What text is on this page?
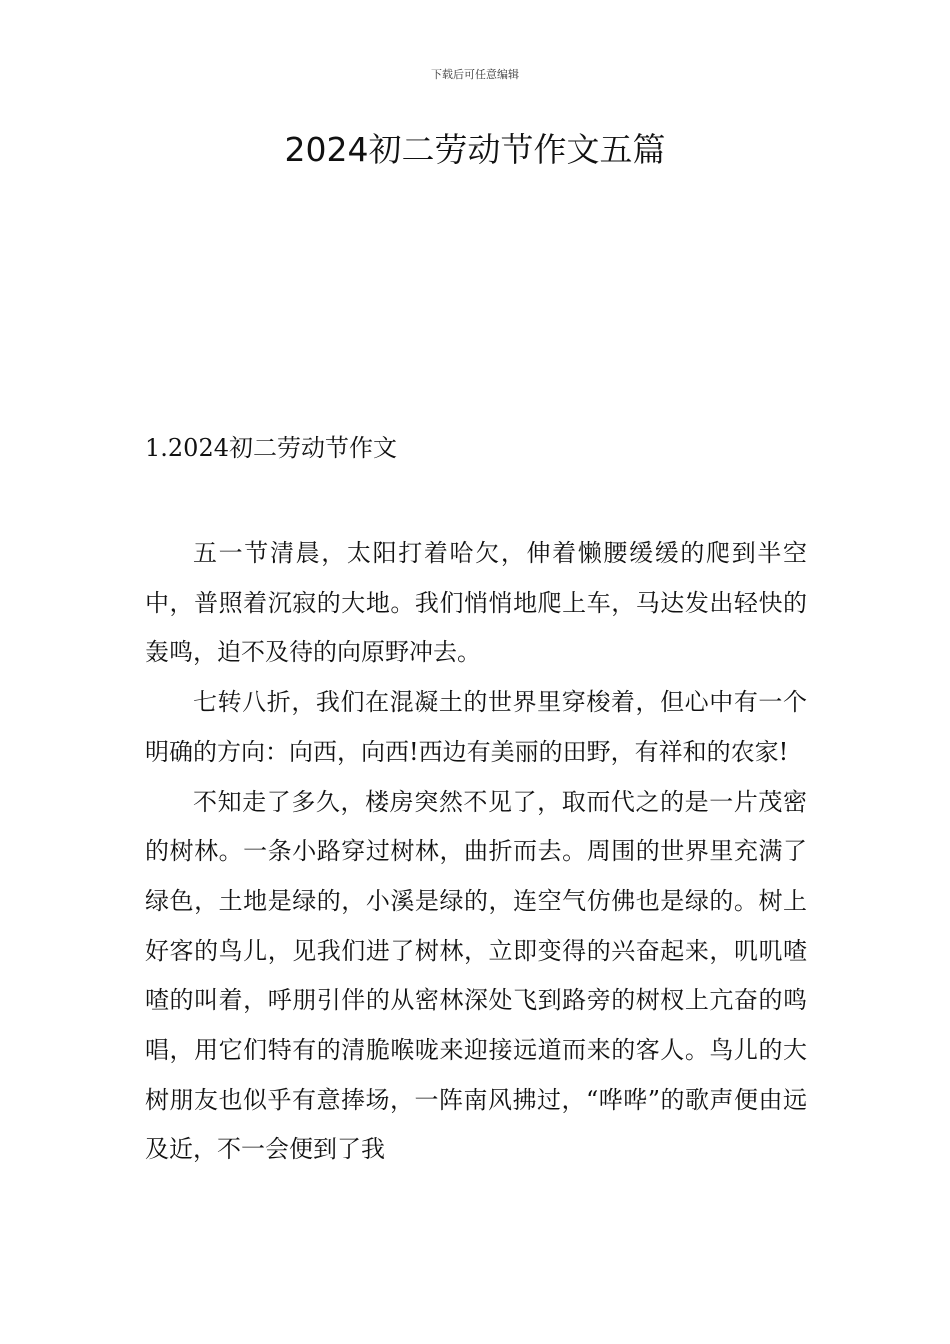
下载后可任意编辑
2024初二劳动节作文五篇
1.2024初二劳动节作文

五一节清晨，太阳打着哈欠，伸着懒腰缓缓的爬到半空中，普照着沉寂的大地。我们悄悄地爬上车，马达发出轻快的轰鸣，迫不及待的向原野冲去。

七转八折，我们在混凝土的世界里穿梭着，但心中有一个明确的方向：向西，向西!西边有美丽的田野，有祥和的农家!

不知走了多久，楼房突然不见了，取而代之的是一片茂密的树林。一条小路穿过树林，曲折而去。周围的世界里充满了绿色，土地是绿的，小溪是绿的，连空气仿佛也是绿的。树上好客的鸟儿，见我们进了树林，立即变得的兴奋起来，叽叽喳喳的叫着，呼朋引伴的从密林深处飞到路旁的树杈上亢奋的鸣唱，用它们特有的清脆喉咙来迎接远道而来的客人。鸟儿的大树朋友也似乎有意捧场，一阵南风拂过，“哗哗”的歌声便由远及近，不一会便到了我
